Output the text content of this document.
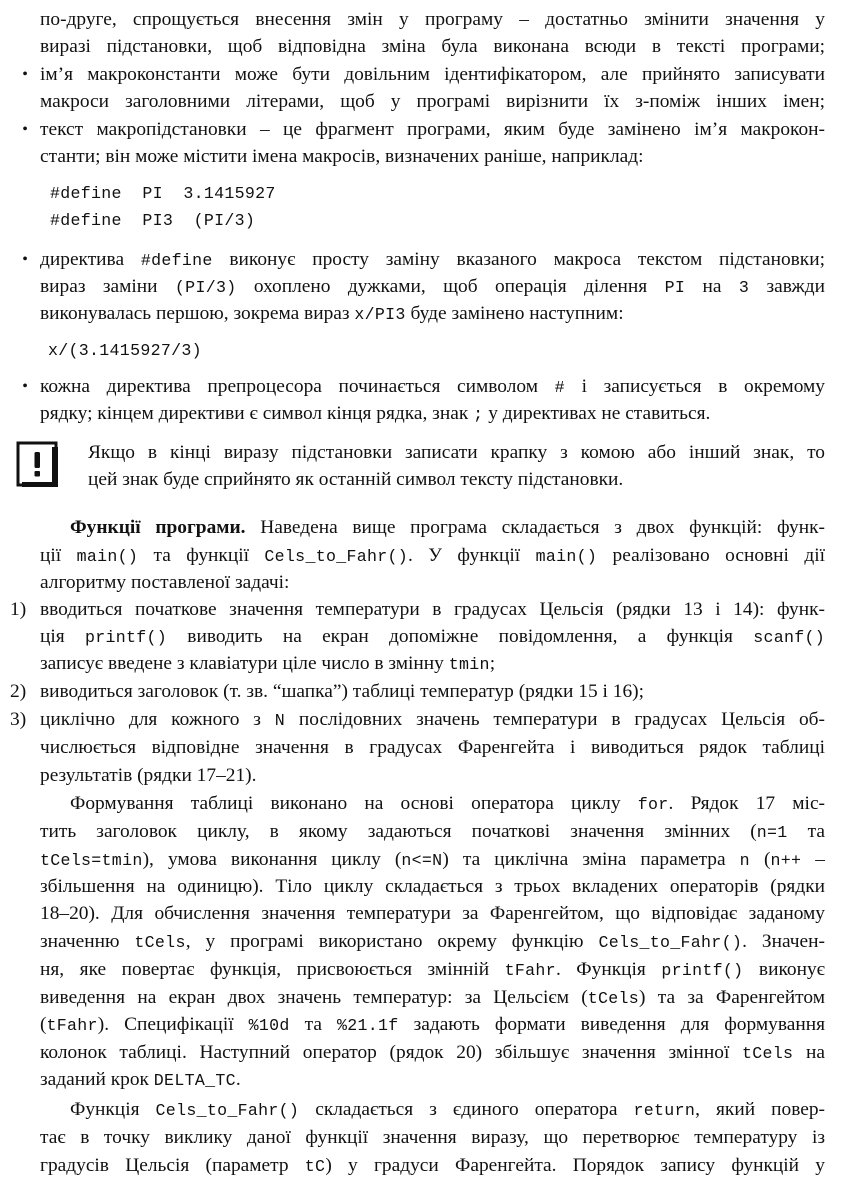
по-друге, спрощується внесення змін у програму – достатньо змінити значення у
виразі підстановки, щоб відповідна зміна була виконана всюди в тексті програми;
• ім’я макроконстанти може бути довільним ідентифікатором, але прийнято записувати
макроси заголовними літерами, щоб у програмі вирізнити їх з-поміж інших імен;
• текст макропідстановки – це фрагмент програми, яким буде замінено ім’я макрокон-
станти; він може містити імена макросів, визначених раніше, наприклад:
#define  PI  3.1415927
#define  PI3  (PI/3)
• директива #define виконує просту заміну вказаного макроса текстом підстановки;
вираз заміни (PI/3) охоплено дужками, щоб операція ділення PI на 3 завжди
виконувалась першою, зокрема вираз x/PI3 буде замінено наступним:
x/(3.1415927/3)
• кожна директива препроцесора починається символом # і записується в окремому
рядку; кінцем директиви є символ кінця рядка, знак ; у директивах не ставиться.
Якщо в кінці виразу підстановки записати крапку з комою або інший знак, то
цей знак буде сприйнято як останній символ тексту підстановки.
Функції програми. Наведена вище програма складається з двох функцій: функ-
ції main() та функції Cels_to_Fahr(). У функції main() реалізовано основні дії
алгоритму поставленої задачі:
1) вводиться початкове значення температури в градусах Цельсія (рядки 13 і 14): функ-
ція printf() виводить на екран допоміжне повідомлення, а функція scanf()
записує введене з клавіатури ціле число в змінну tmin;
2) виводиться заголовок (т. зв. “шапка”) таблиці температур (рядки 15 і 16);
3) циклічно для кожного з N послідовних значень температури в градусах Цельсія об-
числюється відповідне значення в градусах Фаренгейта і виводиться рядок таблиці
результатів (рядки 17–21).
Формування таблиці виконано на основі оператора циклу for. Рядок 17 міс-
тить заголовок циклу, в якому задаються початкові значення змінних (n=1 та
tCels=tmin), умова виконання циклу (n<=N) та циклічна зміна параметра n (n++ –
збільшення на одиницю). Тіло циклу складається з трьох вкладених операторів (рядки
18–20). Для обчислення значення температури за Фаренгейтом, що відповідає заданому
значенню tCels, у програмі використано окрему функцію Cels_to_Fahr(). Значен-
ня, яке повертає функція, присвоюється змінній tFahr. Функція printf() виконує
виведення на екран двох значень температур: за Цельсієм (tCels) та за Фаренгейтом
(tFahr). Специфікації %10d та %21.1f задають формати виведення для формування
колонок таблиці. Наступний оператор (рядок 20) збільшує значення змінної tCels на
заданий крок DELTA_TC.
Функція Cels_to_Fahr() складається з єдиного оператора return, який повер-
тає в точку виклику даної функції значення виразу, що перетворює температуру із
градусів Цельсія (параметр tC) у градуси Фаренгейта. Порядок запису функцій у
